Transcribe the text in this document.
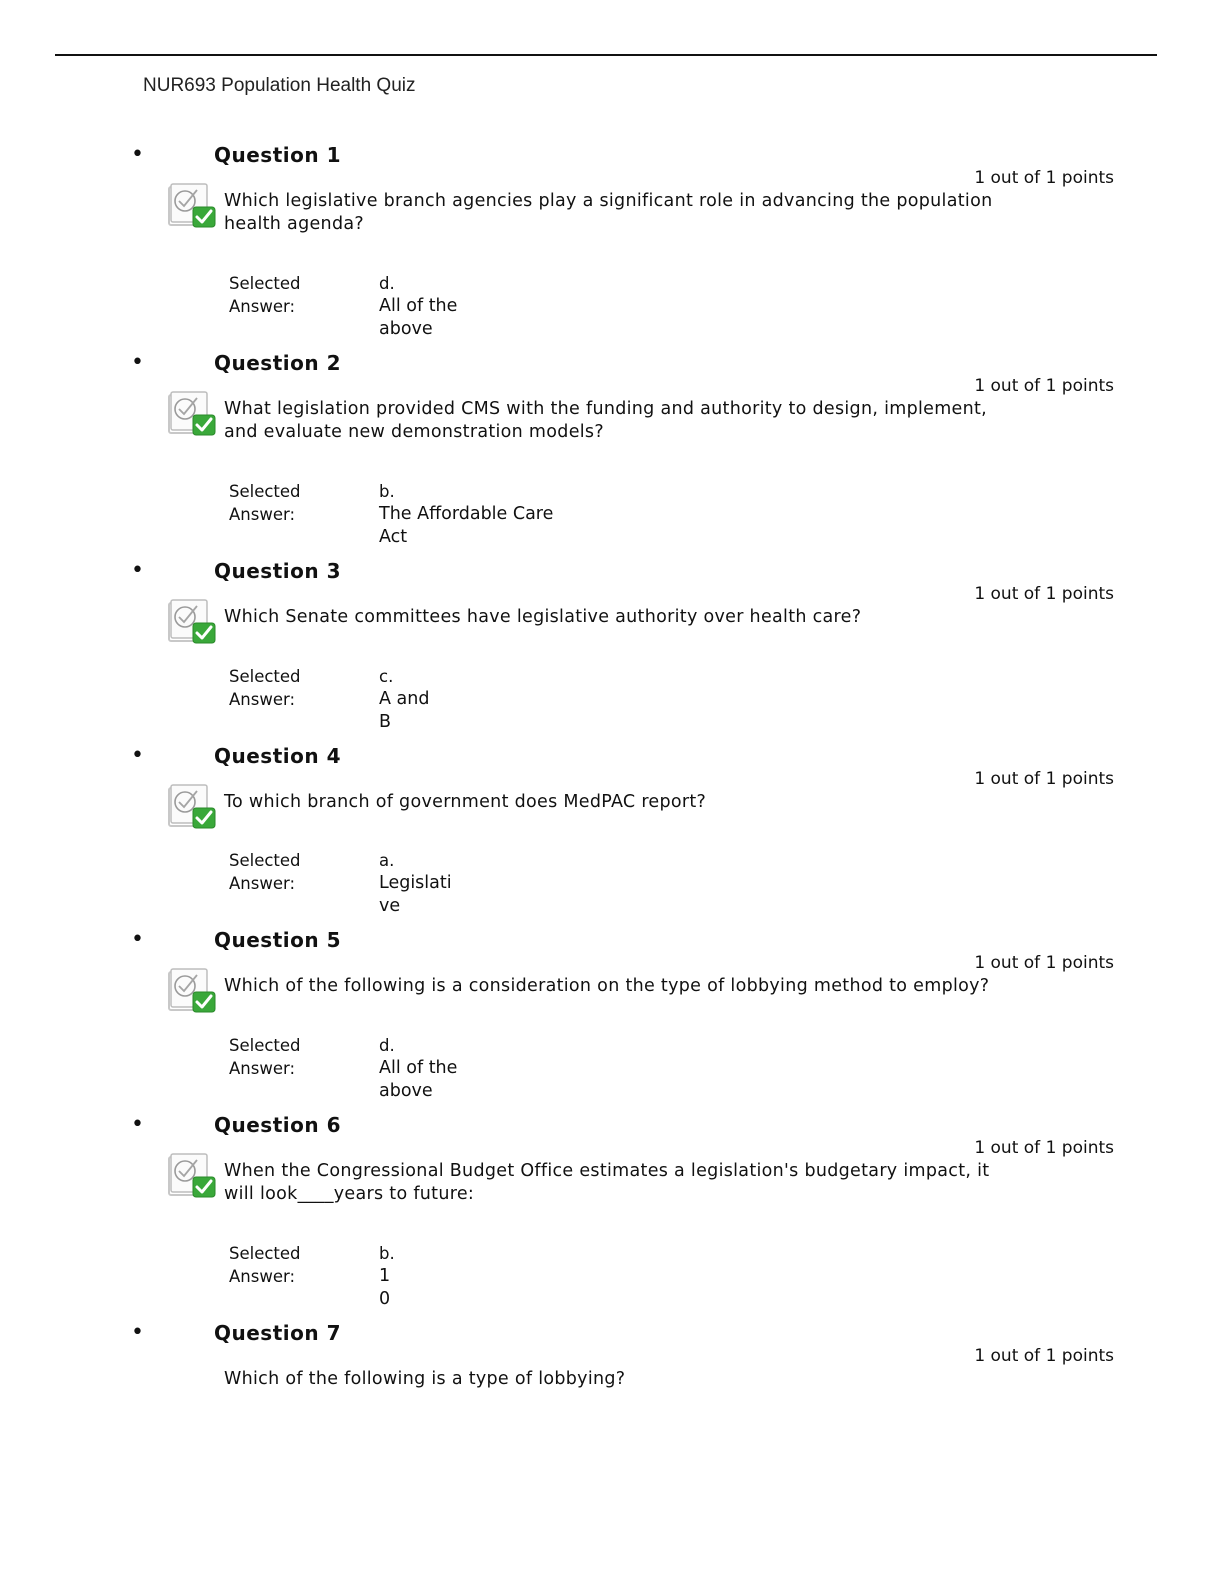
NUR693 Population Health Quiz
•	Question 1
1 out of 1 points
Which legislative branch agencies play a significant role in advancing the population
health agenda?
Selected
Answer:
d.
All of the
above
•	Question 2
1 out of 1 points
What legislation provided CMS with the funding and authority to design, implement,
and evaluate new demonstration models?
Selected
Answer:
b.
The Affordable Care
Act
•	Question 3
1 out of 1 points
Which Senate committees have legislative authority over health care?
Selected
Answer:
c.
A and
B
•	Question 4
1 out of 1 points
To which branch of government does MedPAC report?
Selected
Answer:
a.
Legislati
ve
•	Question 5
1 out of 1 points
Which of the following is a consideration on the type of lobbying method to employ?
Selected
Answer:
d.
All of the
above
•	Question 6
1 out of 1 points
When the Congressional Budget Office estimates a legislation's budgetary impact, it
will look____years to future:
Selected
Answer:
b.
1
0
•	Question 7
1 out of 1 points
Which of the following is a type of lobbying?
